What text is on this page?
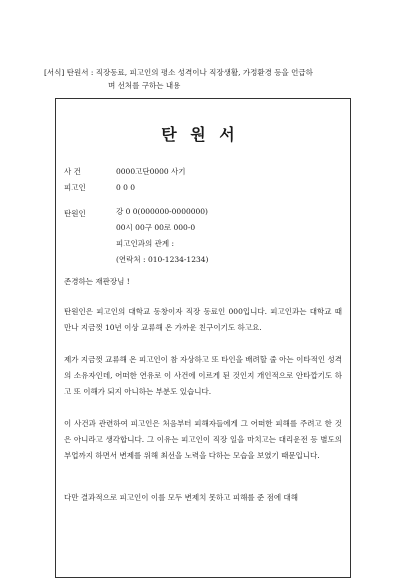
[서식] 탄원서 : 직장동료, 피고인의 평소 성격이나 직장생활, 가정환경 등을 언급하
며 선처를 구하는 내용
탄 원 서
사 건	0000고단0000 사기
피고인	0 0 0
탄원인	강 0 0(000000-0000000)
00시 00구 00로 000-0
피고인과의 관계 :
(연락처 : 010-1234-1234)
존경하는 재판장님 !
탄원인은 피고인의 대학교 동창이자 직장 동료인 000입니다. 피고인과는 대학교 때 만나 지금껏 10년 이상 교류해 온 가까운 친구이기도 하고요.
제가 지금껏 교류해 온 피고인이 참 자상하고 또 타인을 배려할 줄 아는 이타적인 성격의 소유자인데, 어떠한 연유로 이 사건에 이르게 된 것인지 개인적으로 안타깝기도 하고 또 이해가 되지 아니하는 부분도 있습니다.
이 사건과 관련하여 피고인은 처음부터 피해자들에게 그 어떠한 피해를 주려고 한 것은 아니라고 생각합니다. 그 이유는 피고인이 직장 일을 마치고는 대리운전 등 별도의 부업까지 하면서 변제를 위해 최선을 노력을 다하는 모습을 보였기 때문입니다.
다만 결과적으로 피고인이 이를 모두 변제치 못하고 피해를 준 점에 대해
